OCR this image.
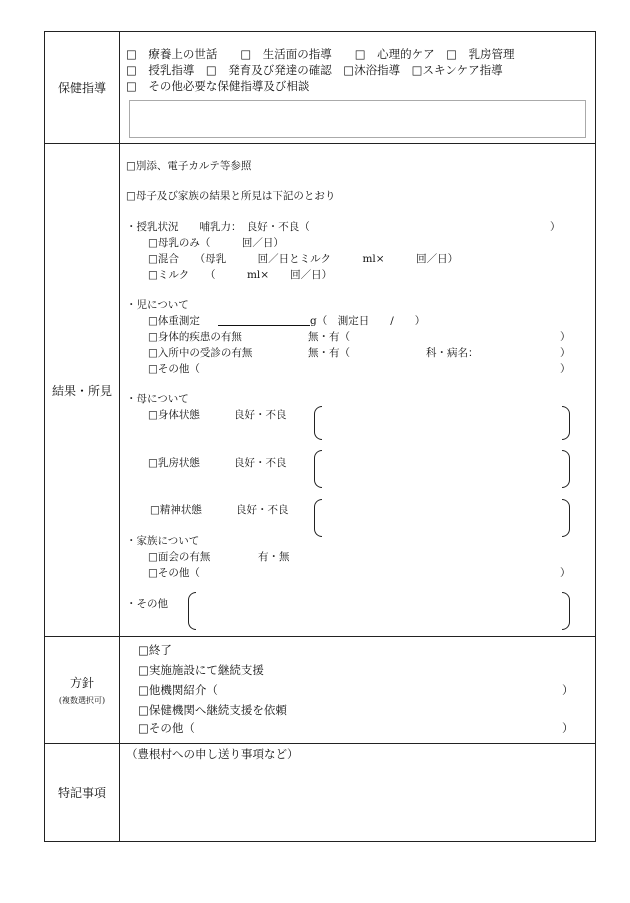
保健指導
□　療養上の世話　　□　生活面の指導　　□　心理的ケア　□　乳房管理
□　授乳指導　□　発育及び発達の確認　□沐浴指導　□スキンケア指導
□　その他必要な保健指導及び相談
結果・所見
□別添、電子カルテ等参照
□母子及び家族の結果と所見は下記のとおり
・授乳状況　　哺乳力：　良好・不良（	）
□母乳のみ（　　　回／日）
□混合　　（母乳　　　回／日とミルク　　　ml×　　　回／日）
□ミルク　　（　　　ml×　　回／日）
・児について
□体重測定	g（　測定日　　/　　）
□身体的疾患の有無	無・有（	）
□入所中の受診の有無	無・有（	科・病名：	）
□その他（	）
・母について
□身体状態	良好・不良
□乳房状態	良好・不良
□精神状態	良好・不良
・家族について
□面会の有無	有・無
□その他（	）
・その他
方針
(複数選択可)
□終了
□実施施設にて継続支援
□他機関紹介（	）
□保健機関へ継続支援を依頼
□その他（	）
特記事項
（豊根村への申し送り事項など）
